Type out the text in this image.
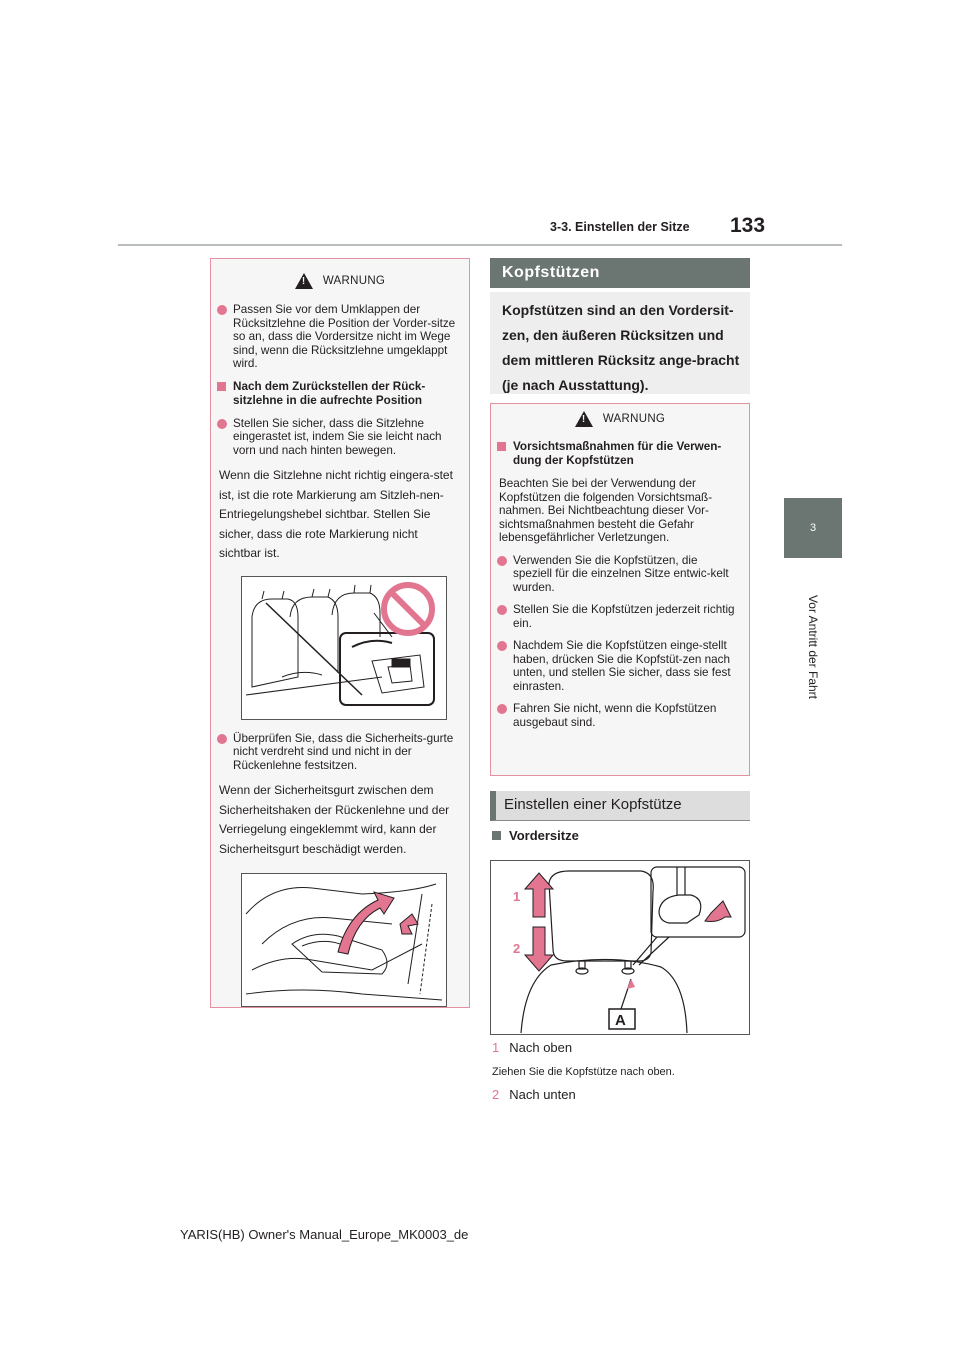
3-3. Einstellen der Sitze 133
3
Vor Antritt der Fahrt
! WARNUNG
Passen Sie vor dem Umklappen der Rücksitzlehne die Position der Vorder-sitze so an, dass die Vordersitze nicht im Wege sind, wenn die Rücksitzlehne umgeklappt wird.
Nach dem Zurückstellen der Rück-sitzlehne in die aufrechte Position
Stellen Sie sicher, dass die Sitzlehne eingerastet ist, indem Sie sie leicht nach vorn und nach hinten bewegen.
Wenn die Sitzlehne nicht richtig eingera-stet ist, ist die rote Markierung am Sitzleh-nen-Entriegelungshebel sichtbar. Stellen Sie sicher, dass die rote Markierung nicht sichtbar ist.
Überprüfen Sie, dass die Sicherheits-gurte nicht verdreht sind und nicht in der Rückenlehne festsitzen.
Wenn der Sicherheitsgurt zwischen dem Sicherheitshaken der Rückenlehne und der Verriegelung eingeklemmt wird, kann der Sicherheitsgurt beschädigt werden.
Kopfstützen
Kopfstützen sind an den Vordersit-zen, den äußeren Rücksitzen und dem mittleren Rücksitz ange-bracht (je nach Ausstattung).
! WARNUNG
Vorsichtsmaßnahmen für die Verwen-dung der Kopfstützen
Beachten Sie bei der Verwendung der Kopfstützen die folgenden Vorsichtsmaß-nahmen. Bei Nichtbeachtung dieser Vor-sichtsmaßnahmen besteht die Gefahr lebensgefährlicher Verletzungen.
Verwenden Sie die Kopfstützen, die speziell für die einzelnen Sitze entwic-kelt wurden.
Stellen Sie die Kopfstützen jederzeit richtig ein.
Nachdem Sie die Kopfstützen einge-stellt haben, drücken Sie die Kopfstüt-zen nach unten, und stellen Sie sicher, dass sie fest einrasten.
Fahren Sie nicht, wenn die Kopfstützen ausgebaut sind.
Einstellen einer Kopfstütze
Vordersitze
1
2
A
1 Nach oben
Ziehen Sie die Kopfstütze nach oben.
2 Nach unten
YARIS(HB) Owner's Manual_Europe_MK0003_de
